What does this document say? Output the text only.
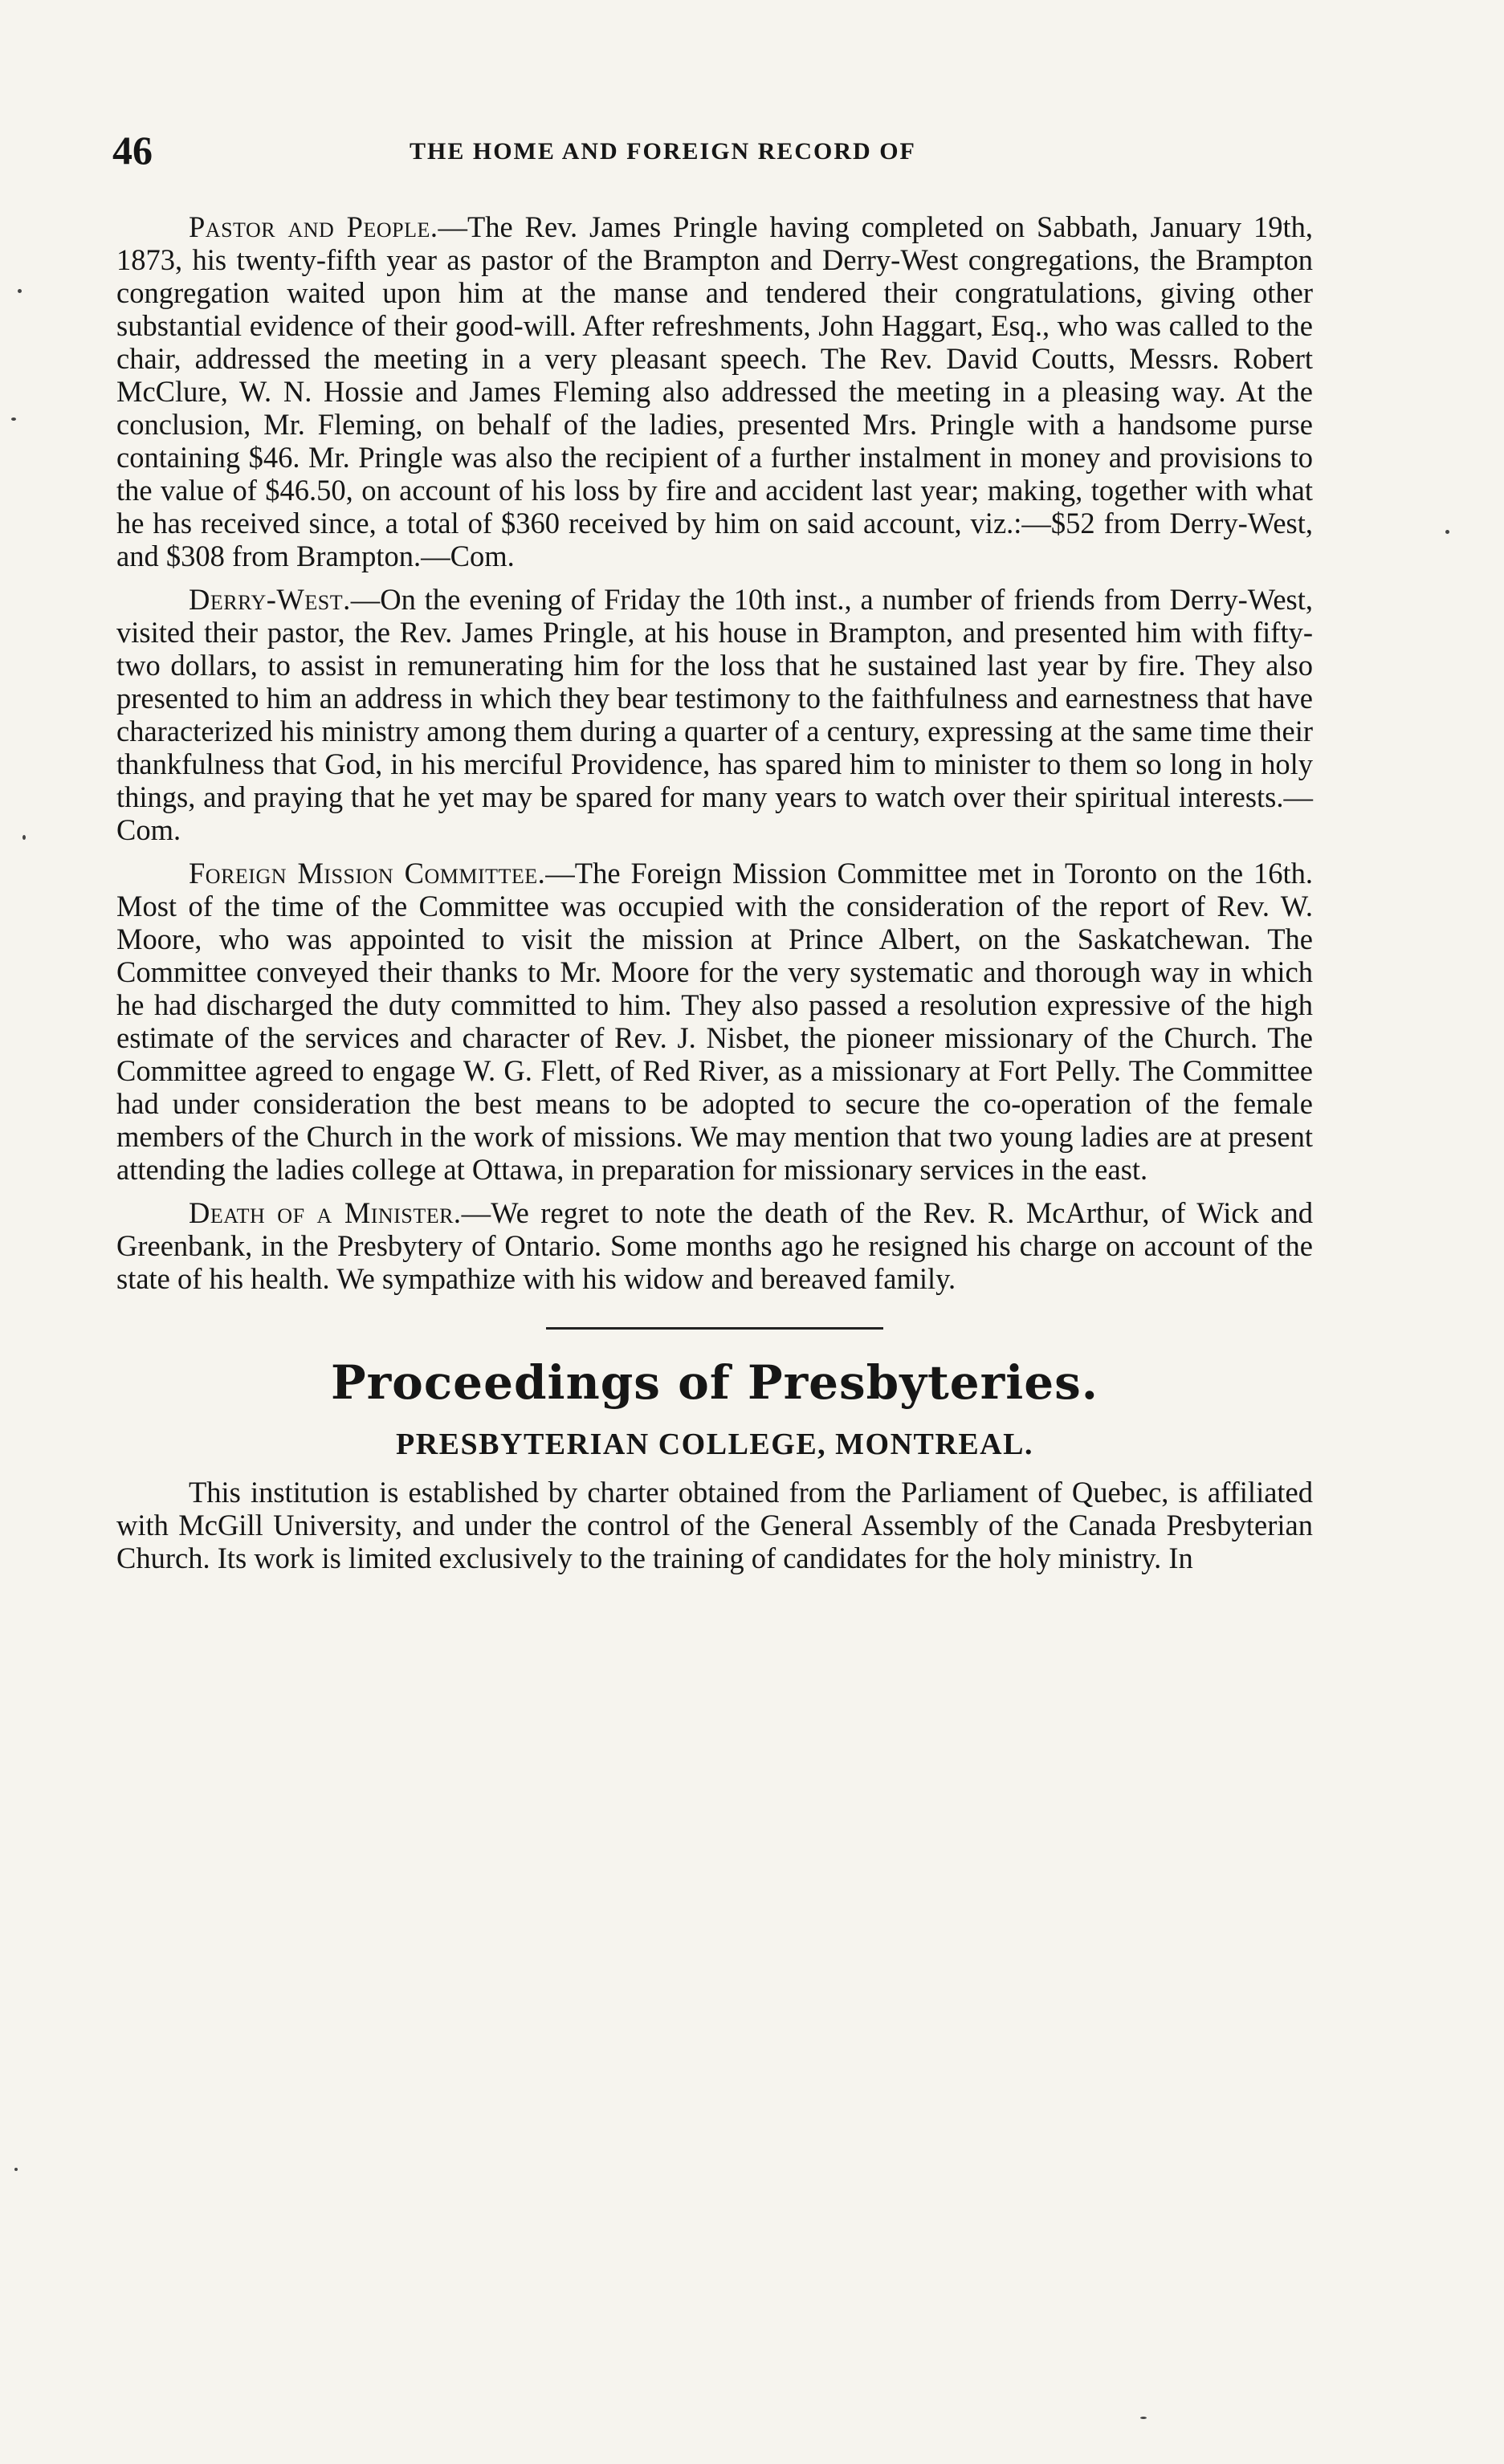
46	THE HOME AND FOREIGN RECORD OF

Pastor and People.—The Rev. James Pringle having completed on Sabbath, January 19th, 1873, his twenty-fifth year as pastor of the Brampton and Derry-West congregations, the Brampton congregation waited upon him at the manse and tendered their congratulations, giving other substantial evidence of their good-will. After refreshments, John Haggart, Esq., who was called to the chair, addressed the meeting in a very pleasant speech. The Rev. David Coutts, Messrs. Robert McClure, W. N. Hossie and James Fleming also addressed the meeting in a pleasing way. At the conclusion, Mr. Fleming, on behalf of the ladies, presented Mrs. Pringle with a handsome purse containing $46. Mr. Pringle was also the recipient of a further instalment in money and provisions to the value of $46.50, on account of his loss by fire and accident last year; making, together with what he has received since, a total of $360 received by him on said account, viz.:—$52 from Derry-West, and $308 from Brampton.—Com.

Derry-West.—On the evening of Friday the 10th inst., a number of friends from Derry-West, visited their pastor, the Rev. James Pringle, at his house in Brampton, and presented him with fifty-two dollars, to assist in remunerating him for the loss that he sustained last year by fire. They also presented to him an address in which they bear testimony to the faithfulness and earnestness that have characterized his ministry among them during a quarter of a century, expressing at the same time their thankfulness that God, in his merciful Providence, has spared him to minister to them so long in holy things, and praying that he yet may be spared for many years to watch over their spiritual interests.—Com.

Foreign Mission Committee.—The Foreign Mission Committee met in Toronto on the 16th. Most of the time of the Committee was occupied with the consideration of the report of Rev. W. Moore, who was appointed to visit the mission at Prince Albert, on the Saskatchewan. The Committee conveyed their thanks to Mr. Moore for the very systematic and thorough way in which he had discharged the duty committed to him. They also passed a resolution expressive of the high estimate of the services and character of Rev. J. Nisbet, the pioneer missionary of the Church. The Committee agreed to engage W. G. Flett, of Red River, as a missionary at Fort Pelly. The Committee had under consideration the best means to be adopted to secure the co-operation of the female members of the Church in the work of missions. We may mention that two young ladies are at present attending the ladies college at Ottawa, in preparation for missionary services in the east.

Death of a Minister.—We regret to note the death of the Rev. R. McArthur, of Wick and Greenbank, in the Presbytery of Ontario. Some months ago he resigned his charge on account of the state of his health. We sympathize with his widow and bereaved family.

Proceedings of Presbyteries.
PRESBYTERIAN COLLEGE, MONTREAL.

This institution is established by charter obtained from the Parliament of Quebec, is affiliated with McGill University, and under the control of the General Assembly of the Canada Presbyterian Church. Its work is limited exclusively to the training of candidates for the holy ministry. In
